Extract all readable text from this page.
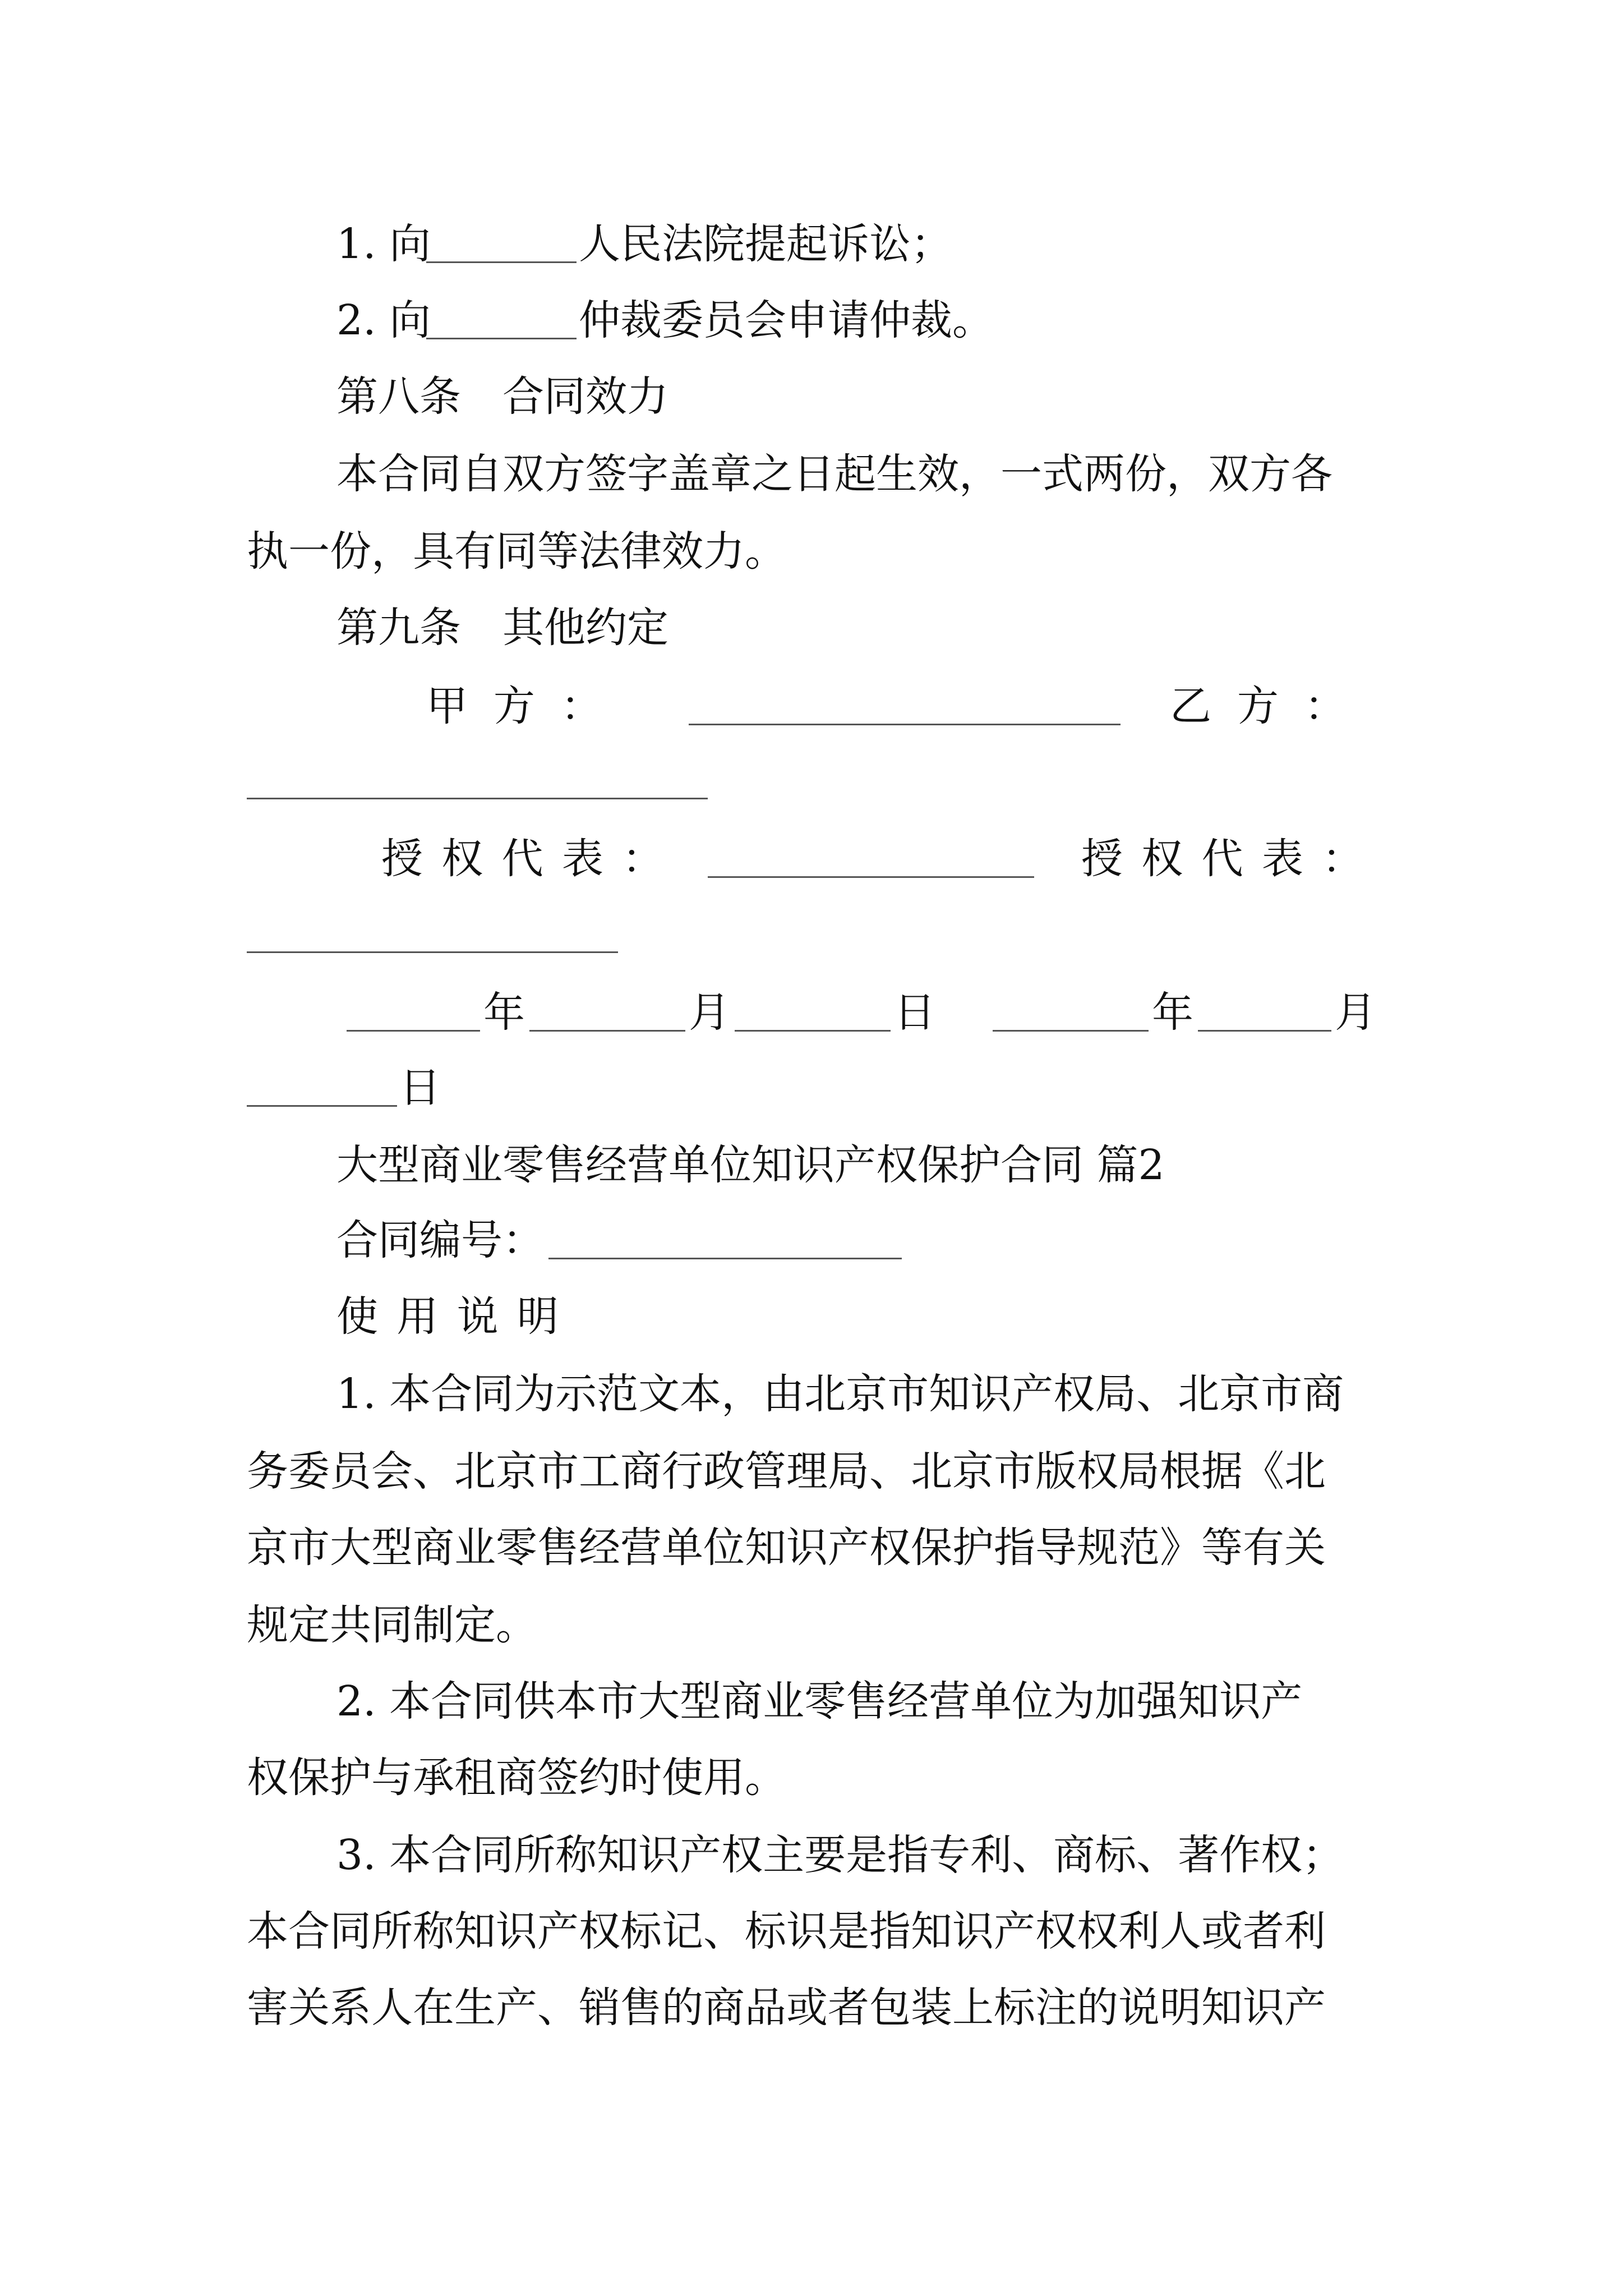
1. 向	人民法院提起诉讼；
2. 向	仲裁委员会申请仲裁。
第八条　合同效力
本合同自双方签字盖章之日起生效，一式两份，双方各
执一份，具有同等法律效力。
第九条　其他约定
甲方：	乙方：
授权代表：	授权代表：
年	月	日	年	月
日
大型商业零售经营单位知识产权保护合同 篇2
合同编号：
使用说明
1. 本合同为示范文本，由北京市知识产权局、北京市商
务委员会、北京市工商行政管理局、北京市版权局根据《北
京市大型商业零售经营单位知识产权保护指导规范》等有关
规定共同制定。
2. 本合同供本市大型商业零售经营单位为加强知识产
权保护与承租商签约时使用。
3. 本合同所称知识产权主要是指专利、商标、著作权；
本合同所称知识产权标记、标识是指知识产权权利人或者利
害关系人在生产、销售的商品或者包装上标注的说明知识产
